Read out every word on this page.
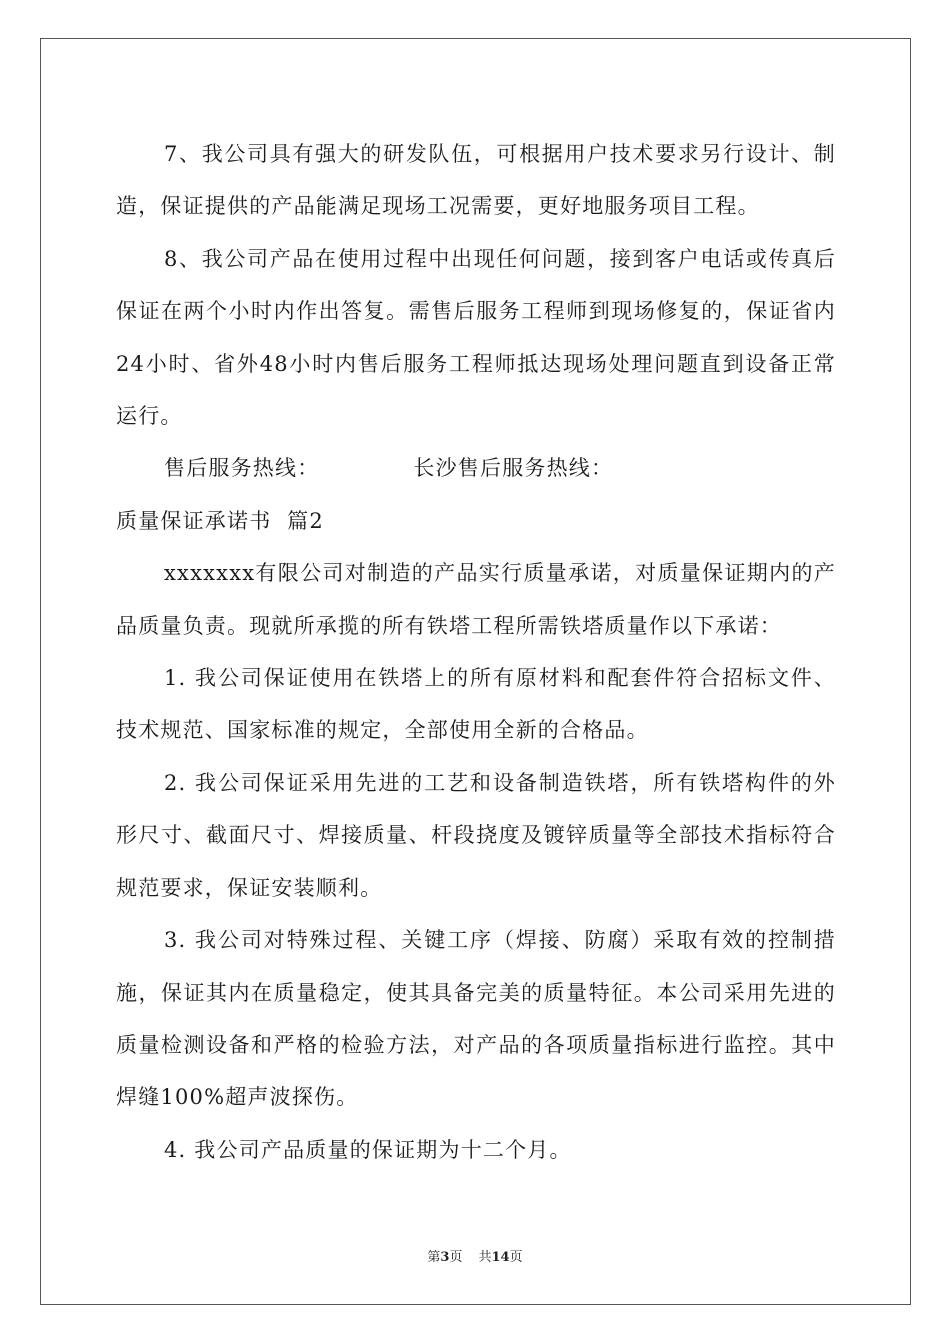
7、我公司具有强大的研发队伍，可根据用户技术要求另行设计、制造，保证提供的产品能满足现场工况需要，更好地服务项目工程。

8、我公司产品在使用过程中出现任何问题，接到客户电话或传真后保证在两个小时内作出答复。需售后服务工程师到现场修复的，保证省内24小时、省外48小时内售后服务工程师抵达现场处理问题直到设备正常运行。

售后服务热线：	长沙售后服务热线：

质量保证承诺书  篇2

xxxxxxx有限公司对制造的产品实行质量承诺，对质量保证期内的产品质量负责。现就所承揽的所有铁塔工程所需铁塔质量作以下承诺：

1. 我公司保证使用在铁塔上的所有原材料和配套件符合招标文件、技术规范、国家标准的规定，全部使用全新的合格品。

2. 我公司保证采用先进的工艺和设备制造铁塔，所有铁塔构件的外形尺寸、截面尺寸、焊接质量、杆段挠度及镀锌质量等全部技术指标符合规范要求，保证安装顺利。

3. 我公司对特殊过程、关键工序（焊接、防腐）采取有效的控制措施，保证其内在质量稳定，使其具备完美的质量特征。本公司采用先进的质量检测设备和严格的检验方法，对产品的各项质量指标进行监控。其中焊缝100%超声波探伤。

4. 我公司产品质量的保证期为十二个月。

第3页 共14页
